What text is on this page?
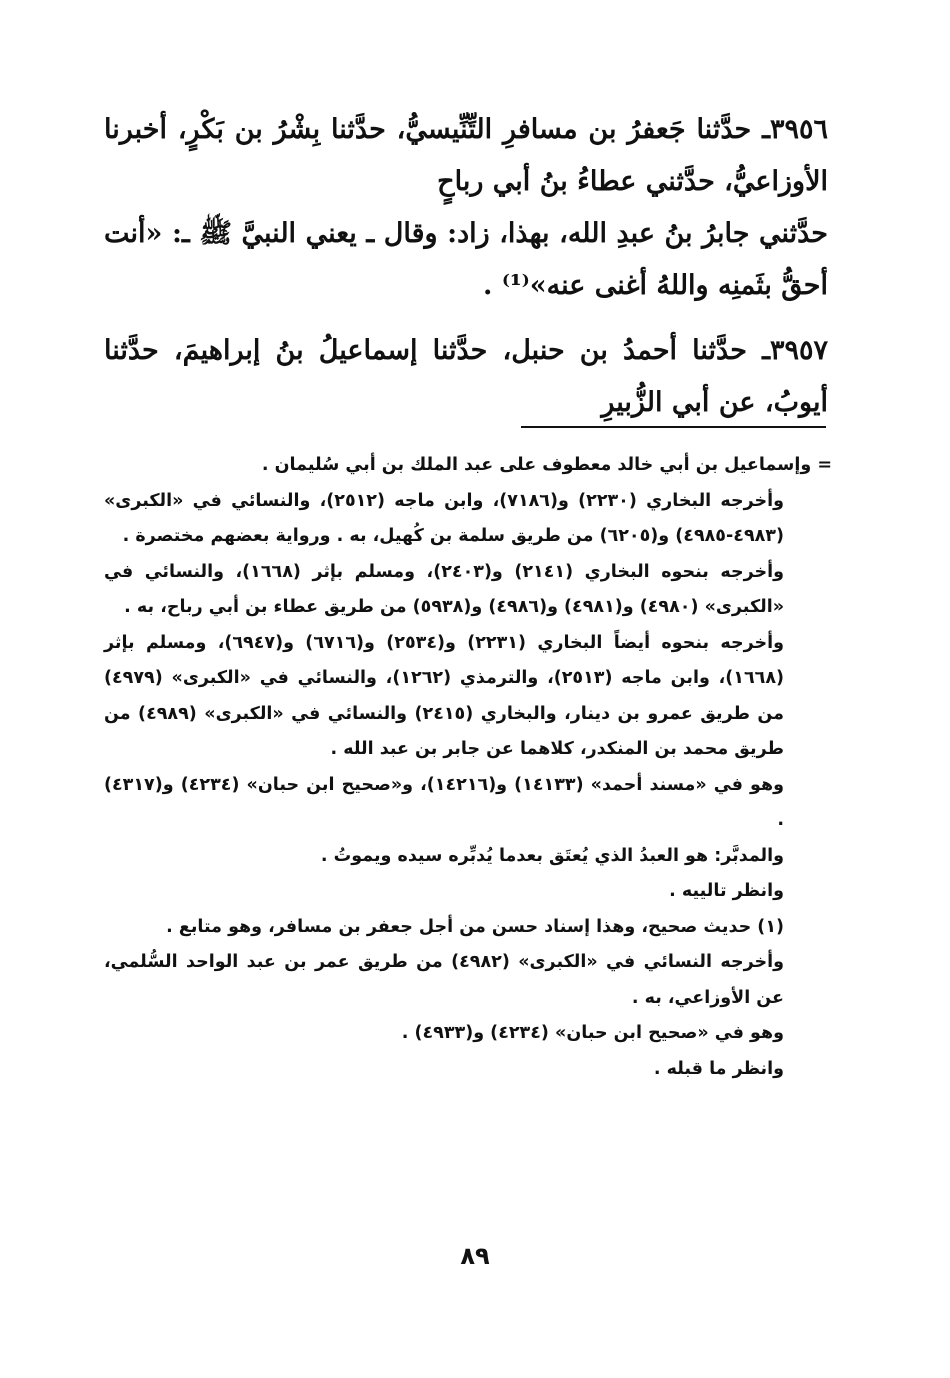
٣٩٥٦ـ حدَّثنا جَعفرُ بن مسافرِ التِّنِّيسيُّ، حدَّثنا بِشْرُ بن بَكْرٍ، أخبرنا الأوزاعيُّ، حدَّثني عطاءُ بنُ أبي رباحٍ

حدَّثني جابرُ بنُ عبدِ الله، بهذا، زاد: وقال ـ يعني النبيَّ ﷺ ـ: «أنت أحقُّ بثَمنِه واللهُ أغنى عنه»⁽¹⁾ .

٣٩٥٧ـ حدَّثنا أحمدُ بن حنبل، حدَّثنا إسماعيلُ بنُ إبراهيمَ، حدَّثنا أيوبُ، عن أبي الزُّبيرِ

= وإسماعيل بن أبي خالد معطوف على عبد الملك بن أبي سُليمان .

وأخرجه البخاري (٢٢٣٠) و(٧١٨٦)، وابن ماجه (٢٥١٢)، والنسائي في «الكبرى» (٤٩٨٣-٤٩٨٥) و(٦٢٠٥) من طريق سلمة بن كُهيل، به . ورواية بعضهم مختصرة .

وأخرجه بنحوه البخاري (٢١٤١) و(٢٤٠٣)، ومسلم بإثر (١٦٦٨)، والنسائي في «الكبرى» (٤٩٨٠) و(٤٩٨١) و(٤٩٨٦) و(٥٩٣٨) من طريق عطاء بن أبي رباح، به .

وأخرجه بنحوه أيضاً البخاري (٢٢٣١) و(٢٥٣٤) و(٦٧١٦) و(٦٩٤٧)، ومسلم بإثر (١٦٦٨)، وابن ماجه (٢٥١٣)، والترمذي (١٢٦٢)، والنسائي في «الكبرى» (٤٩٧٩) من طريق عمرو بن دينار، والبخاري (٢٤١٥) والنسائي في «الكبرى» (٤٩٨٩) من طريق محمد بن المنكدر، كلاهما عن جابر بن عبد الله .

وهو في «مسند أحمد» (١٤١٣٣) و(١٤٢١٦)، و«صحيح ابن حبان» (٤٢٣٤) و(٤٣١٧) .

والمدبَّر: هو العبدُ الذي يُعتَق بعدما يُدبِّره سيده ويموتُ .

وانظر تالييه .

(١) حديث صحيح، وهذا إسناد حسن من أجل جعفر بن مسافر، وهو متابع .

وأخرجه النسائي في «الكبرى» (٤٩٨٢) من طريق عمر بن عبد الواحد السُّلمي، عن الأوزاعي، به .

وهو في «صحيح ابن حبان» (٤٢٣٤) و(٤٩٣٣) .

وانظر ما قبله .

٨٩
